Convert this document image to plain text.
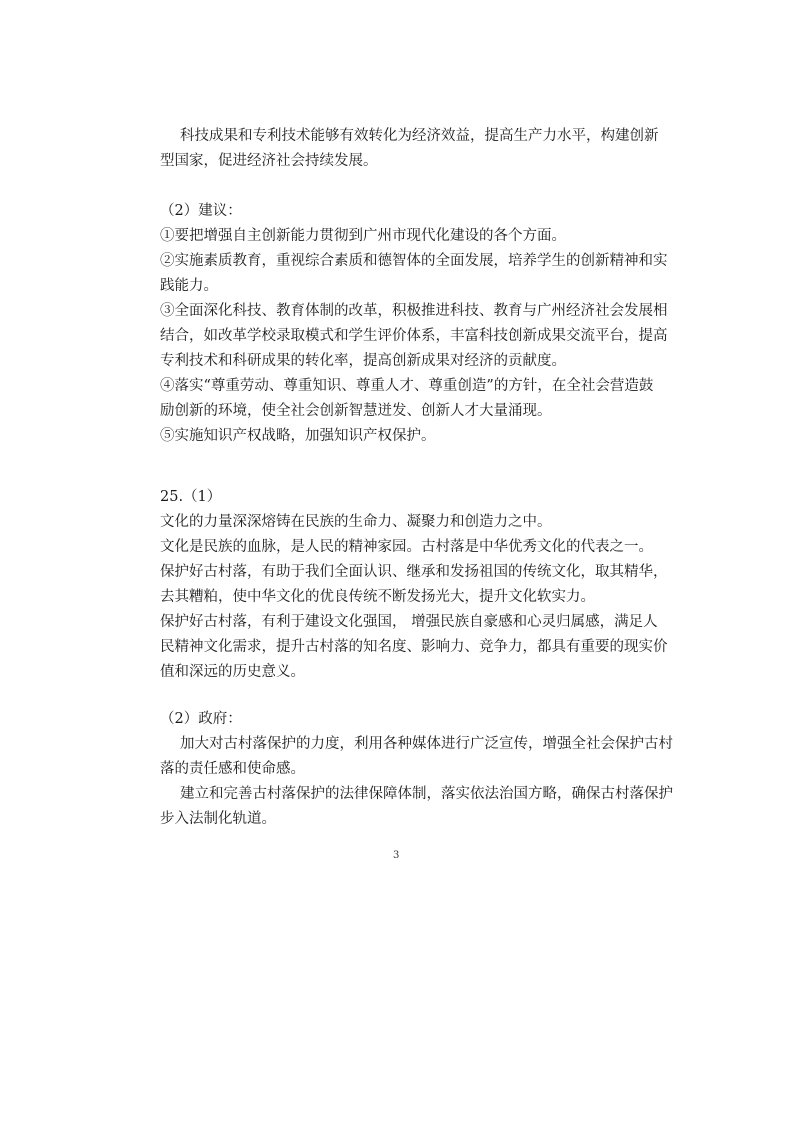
科技成果和专利技术能够有效转化为经济效益，提高生产力水平，构建创新
型国家，促进经济社会持续发展。
（2）建议：
①要把增强自主创新能力贯彻到广州市现代化建设的各个方面。
②实施素质教育，重视综合素质和德智体的全面发展，培养学生的创新精神和实
践能力。
③全面深化科技、教育体制的改革，积极推进科技、教育与广州经济社会发展相
结合，如改革学校录取模式和学生评价体系，丰富科技创新成果交流平台，提高
专利技术和科研成果的转化率，提高创新成果对经济的贡献度。
④落实“尊重劳动、尊重知识、尊重人才、尊重创造”的方针，在全社会营造鼓
励创新的环境，使全社会创新智慧迸发、创新人才大量涌现。
⑤实施知识产权战略，加强知识产权保护。
25.（1）
文化的力量深深熔铸在民族的生命力、凝聚力和创造力之中。
文化是民族的血脉，是人民的精神家园。古村落是中华优秀文化的代表之一。
保护好古村落，有助于我们全面认识、继承和发扬祖国的传统文化，取其精华，
去其糟粕，使中华文化的优良传统不断发扬光大，提升文化软实力。
保护好古村落，有利于建设文化强国， 增强民族自豪感和心灵归属感，满足人
民精神文化需求，提升古村落的知名度、影响力、竞争力，都具有重要的现实价
值和深远的历史意义。
（2）政府：
加大对古村落保护的力度，利用各种媒体进行广泛宣传，增强全社会保护古村
落的责任感和使命感。
建立和完善古村落保护的法律保障体制，落实依法治国方略，确保古村落保护
步入法制化轨道。
3
